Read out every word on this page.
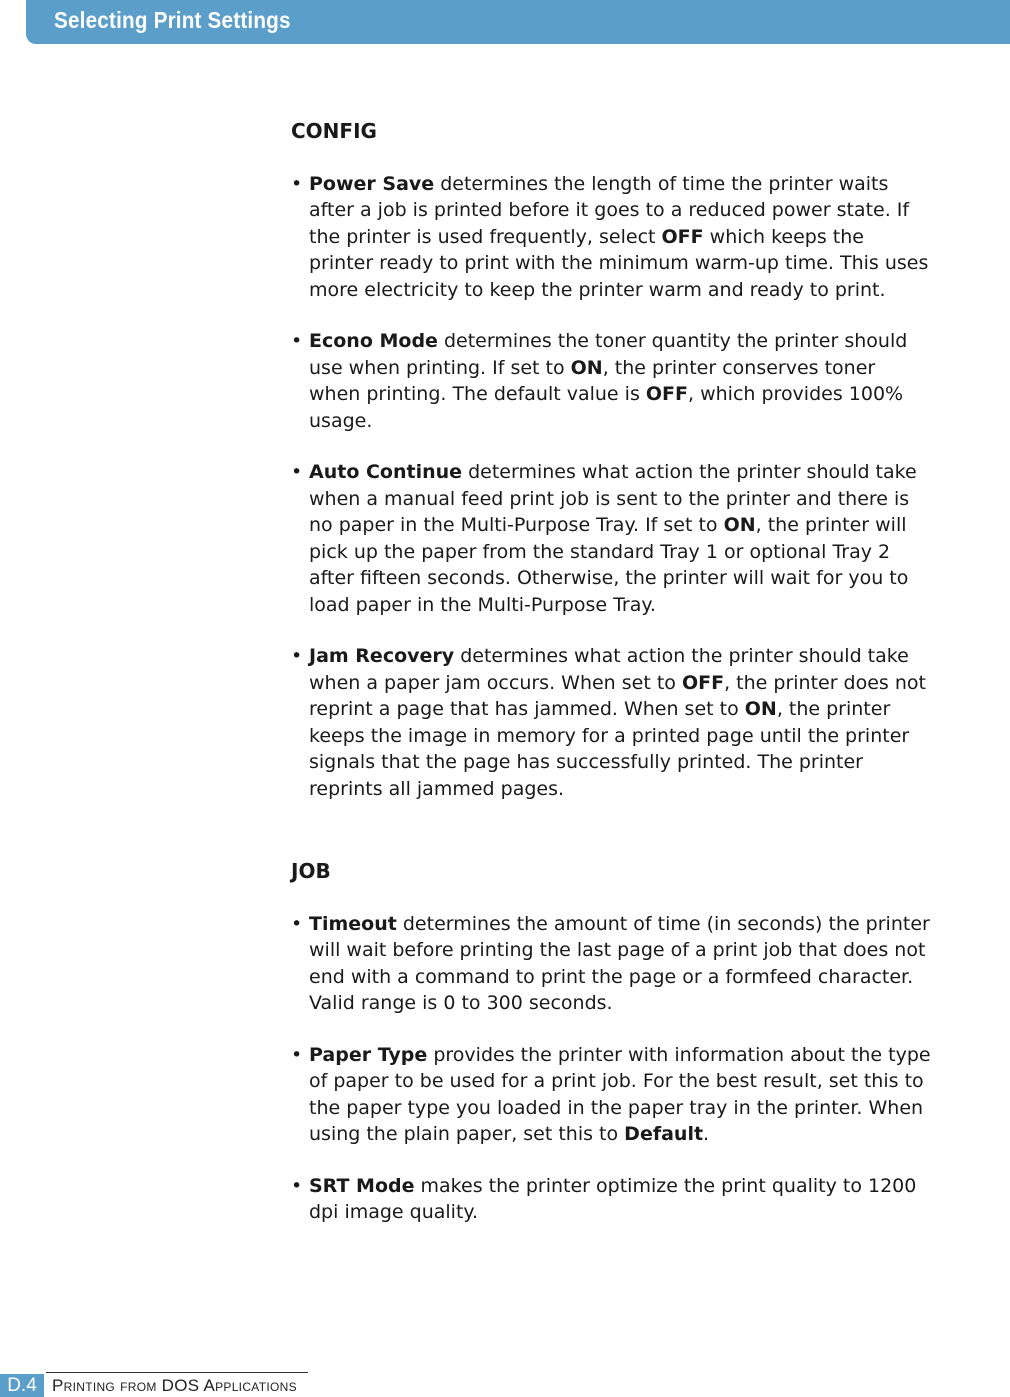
Selecting Print Settings
CONFIG
• Power Save determines the length of time the printer waits after a job is printed before it goes to a reduced power state. If the printer is used frequently, select OFF which keeps the printer ready to print with the minimum warm-up time. This uses more electricity to keep the printer warm and ready to print.
• Econo Mode determines the toner quantity the printer should use when printing. If set to ON, the printer conserves toner when printing. The default value is OFF, which provides 100% usage.
• Auto Continue determines what action the printer should take when a manual feed print job is sent to the printer and there is no paper in the Multi-Purpose Tray. If set to ON, the printer will pick up the paper from the standard Tray 1 or optional Tray 2 after fifteen seconds. Otherwise, the printer will wait for you to load paper in the Multi-Purpose Tray.
• Jam Recovery determines what action the printer should take when a paper jam occurs. When set to OFF, the printer does not reprint a page that has jammed. When set to ON, the printer keeps the image in memory for a printed page until the printer signals that the page has successfully printed. The printer reprints all jammed pages.
JOB
• Timeout determines the amount of time (in seconds) the printer will wait before printing the last page of a print job that does not end with a command to print the page or a formfeed character. Valid range is 0 to 300 seconds.
• Paper Type provides the printer with information about the type of paper to be used for a print job. For the best result, set this to the paper type you loaded in the paper tray in the printer. When using the plain paper, set this to Default.
• SRT Mode makes the printer optimize the print quality to 1200 dpi image quality.
D.4 Printing from DOS Applications
